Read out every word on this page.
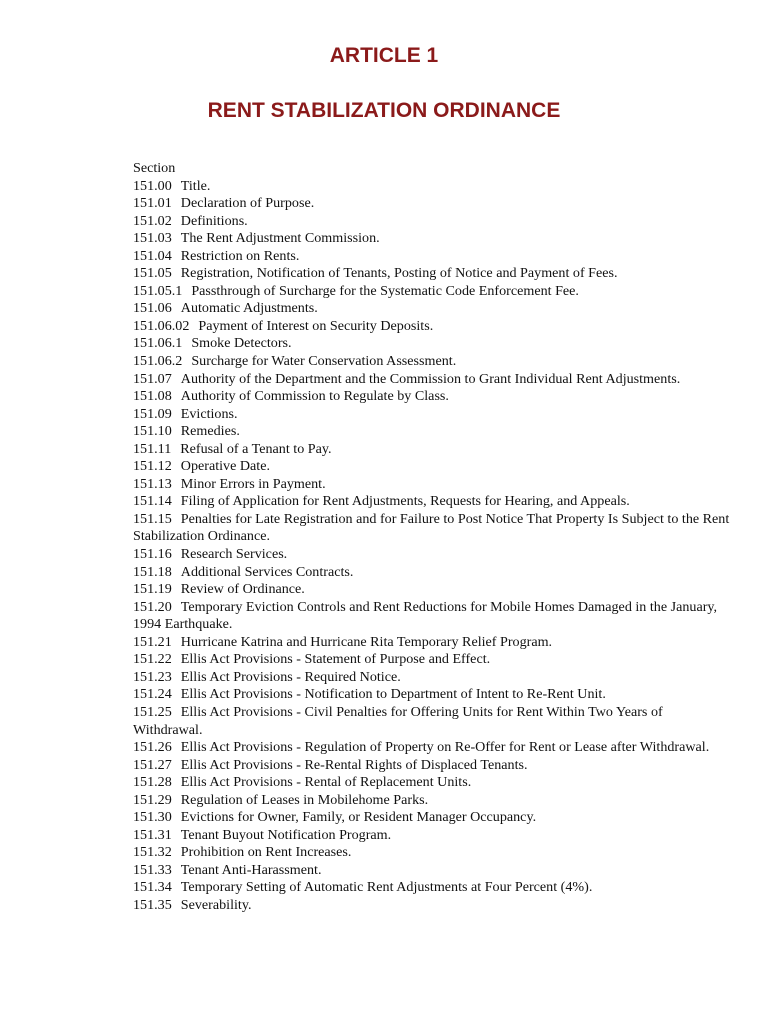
ARTICLE 1
RENT STABILIZATION ORDINANCE

Section

151.00 Title.

151.01 Declaration of Purpose.

151.02 Definitions.

151.03 The Rent Adjustment Commission.

151.04 Restriction on Rents.

151.05 Registration, Notification of Tenants, Posting of Notice and Payment of Fees.

151.05.1 Passthrough of Surcharge for the Systematic Code Enforcement Fee.

151.06 Automatic Adjustments.

151.06.02 Payment of Interest on Security Deposits.

151.06.1 Smoke Detectors.

151.06.2 Surcharge for Water Conservation Assessment.

151.07 Authority of the Department and the Commission to Grant Individual Rent Adjustments.

151.08 Authority of Commission to Regulate by Class.

151.09 Evictions.

151.10 Remedies.

151.11 Refusal of a Tenant to Pay.

151.12 Operative Date.

151.13 Minor Errors in Payment.

151.14 Filing of Application for Rent Adjustments, Requests for Hearing, and Appeals.

151.15 Penalties for Late Registration and for Failure to Post Notice That Property Is Subject to the Rent Stabilization Ordinance.

151.16 Research Services.

151.18 Additional Services Contracts.

151.19 Review of Ordinance.

151.20 Temporary Eviction Controls and Rent Reductions for Mobile Homes Damaged in the January, 1994 Earthquake.

151.21 Hurricane Katrina and Hurricane Rita Temporary Relief Program.

151.22 Ellis Act Provisions - Statement of Purpose and Effect.

151.23 Ellis Act Provisions - Required Notice.

151.24 Ellis Act Provisions - Notification to Department of Intent to Re-Rent Unit.

151.25 Ellis Act Provisions - Civil Penalties for Offering Units for Rent Within Two Years of Withdrawal.

151.26 Ellis Act Provisions - Regulation of Property on Re-Offer for Rent or Lease after Withdrawal.

151.27 Ellis Act Provisions - Re-Rental Rights of Displaced Tenants.

151.28 Ellis Act Provisions - Rental of Replacement Units.

151.29 Regulation of Leases in Mobilehome Parks.

151.30 Evictions for Owner, Family, or Resident Manager Occupancy.

151.31 Tenant Buyout Notification Program.

151.32 Prohibition on Rent Increases.

151.33 Tenant Anti-Harassment.

151.34 Temporary Setting of Automatic Rent Adjustments at Four Percent (4%).

151.35 Severability.
